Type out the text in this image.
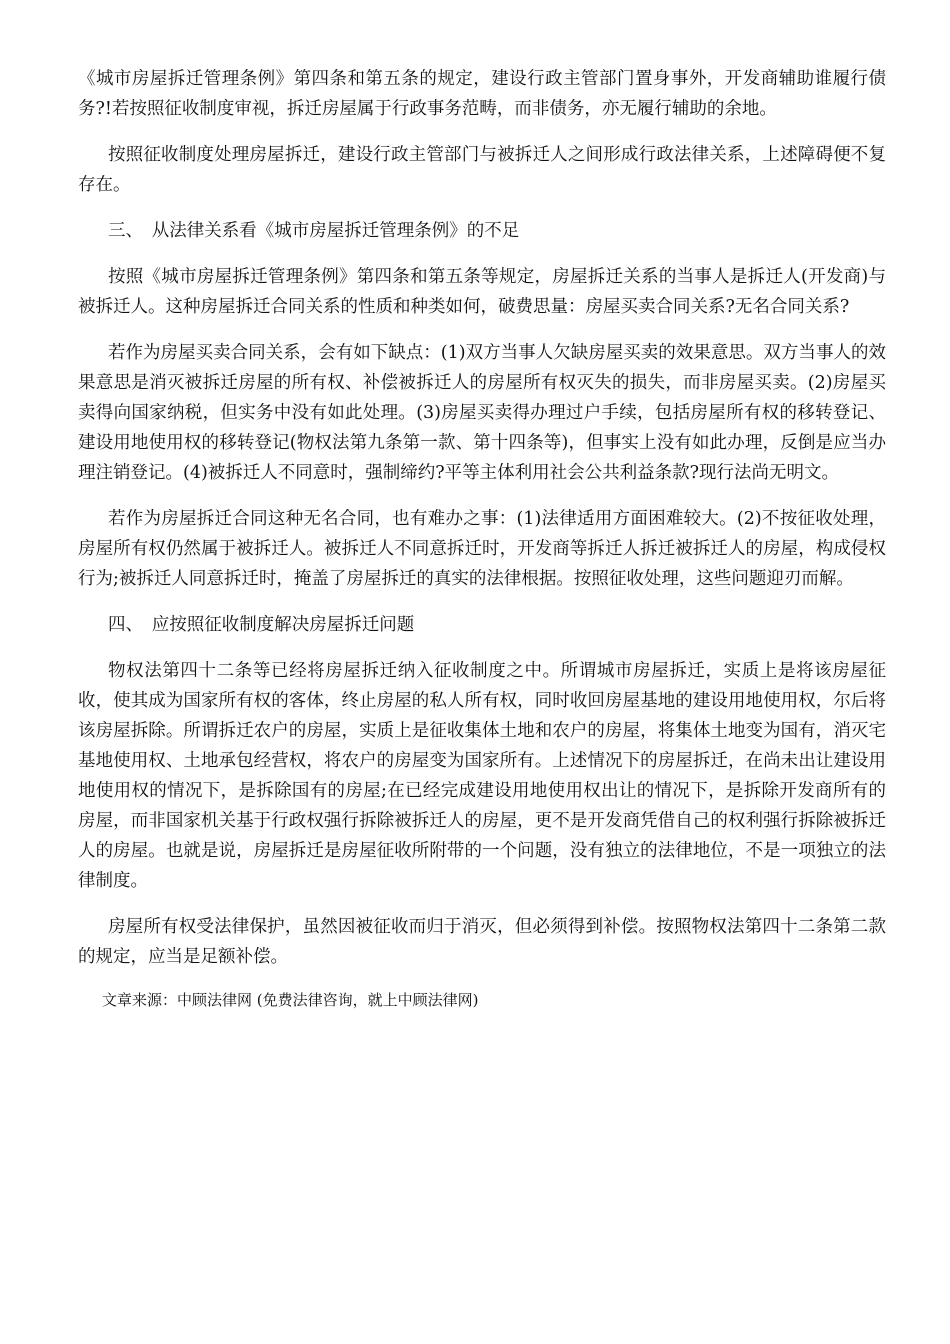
《城市房屋拆迁管理条例》第四条和第五条的规定，建设行政主管部门置身事外，开发商辅助谁履行债务?!若按照征收制度审视，拆迁房屋属于行政事务范畴，而非债务，亦无履行辅助的余地。

按照征收制度处理房屋拆迁，建设行政主管部门与被拆迁人之间形成行政法律关系，上述障碍便不复存在。

三、　从法律关系看《城市房屋拆迁管理条例》的不足

按照《城市房屋拆迁管理条例》第四条和第五条等规定，房屋拆迁关系的当事人是拆迁人(开发商)与被拆迁人。这种房屋拆迁合同关系的性质和种类如何，破费思量：房屋买卖合同关系?无名合同关系?

若作为房屋买卖合同关系，会有如下缺点：(1)双方当事人欠缺房屋买卖的效果意思。双方当事人的效果意思是消灭被拆迁房屋的所有权、补偿被拆迁人的房屋所有权灭失的损失，而非房屋买卖。(2)房屋买卖得向国家纳税，但实务中没有如此处理。(3)房屋买卖得办理过户手续，包括房屋所有权的移转登记、建设用地使用权的移转登记(物权法第九条第一款、第十四条等)，但事实上没有如此办理，反倒是应当办理注销登记。(4)被拆迁人不同意时，强制缔约?平等主体利用社会公共利益条款?现行法尚无明文。

若作为房屋拆迁合同这种无名合同，也有难办之事：(1)法律适用方面困难较大。(2)不按征收处理，房屋所有权仍然属于被拆迁人。被拆迁人不同意拆迁时，开发商等拆迁人拆迁被拆迁人的房屋，构成侵权行为;被拆迁人同意拆迁时，掩盖了房屋拆迁的真实的法律根据。按照征收处理，这些问题迎刃而解。

四、　应按照征收制度解决房屋拆迁问题

物权法第四十二条等已经将房屋拆迁纳入征收制度之中。所谓城市房屋拆迁，实质上是将该房屋征收，使其成为国家所有权的客体，终止房屋的私人所有权，同时收回房屋基地的建设用地使用权，尔后将该房屋拆除。所谓拆迁农户的房屋，实质上是征收集体土地和农户的房屋，将集体土地变为国有，消灭宅基地使用权、土地承包经营权，将农户的房屋变为国家所有。上述情况下的房屋拆迁，在尚未出让建设用地使用权的情况下，是拆除国有的房屋;在已经完成建设用地使用权出让的情况下，是拆除开发商所有的房屋，而非国家机关基于行政权强行拆除被拆迁人的房屋，更不是开发商凭借自己的权利强行拆除被拆迁人的房屋。也就是说，房屋拆迁是房屋征收所附带的一个问题，没有独立的法律地位，不是一项独立的法律制度。

房屋所有权受法律保护，虽然因被征收而归于消灭，但必须得到补偿。按照物权法第四十二条第二款的规定，应当是足额补偿。

文章来源：中顾法律网 (免费法律咨询，就上中顾法律网)
